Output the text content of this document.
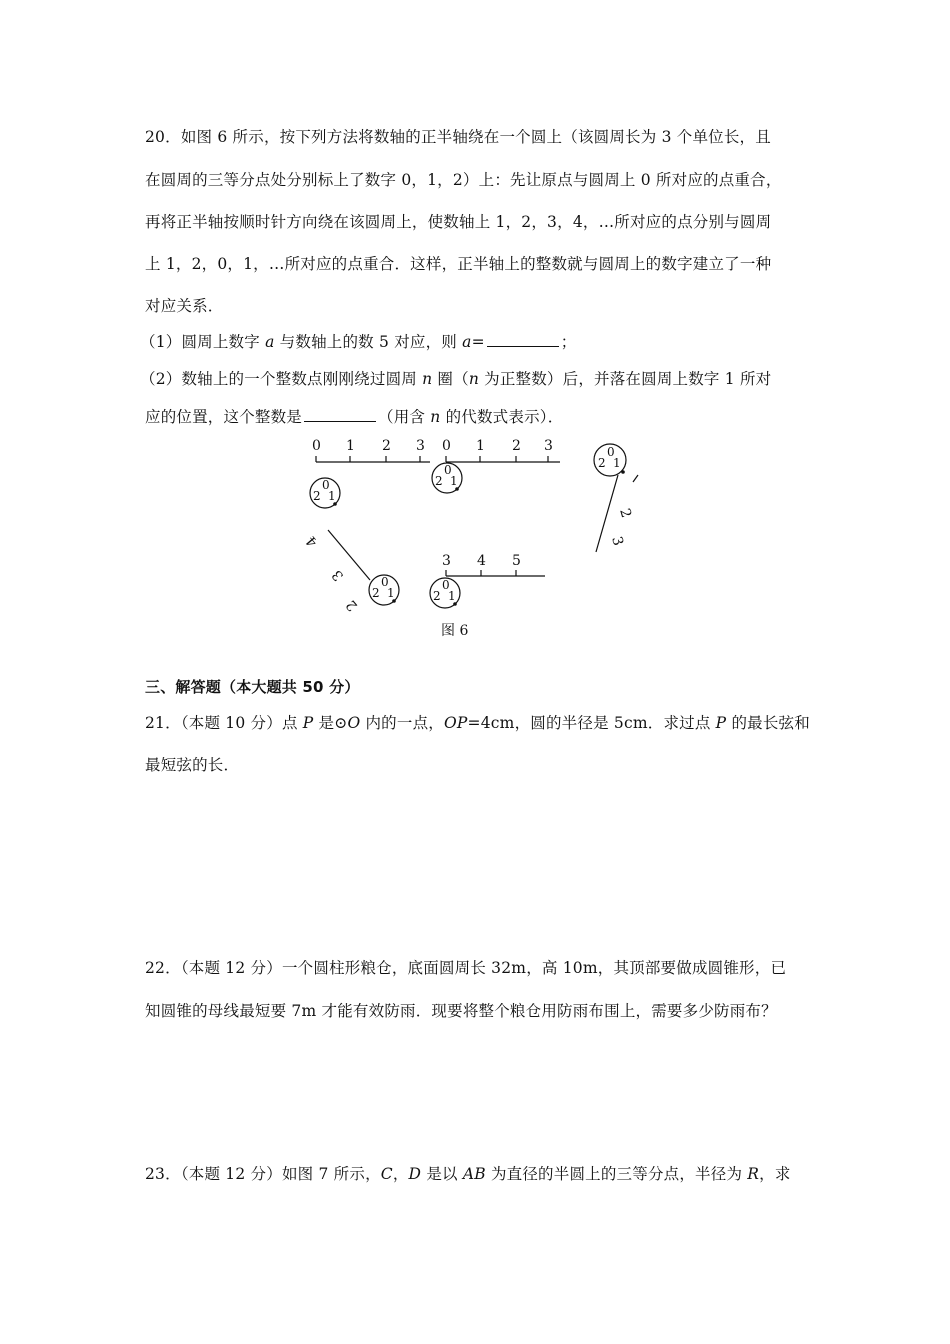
20．如图 6 所示，按下列方法将数轴的正半轴绕在一个圆上（该圆周长为 3 个单位长，且
在圆周的三等分点处分别标上了数字 0，1，2）上：先让原点与圆周上 0 所对应的点重合，
再将正半轴按顺时针方向绕在该圆周上，使数轴上 1，2，3，4，…所对应的点分别与圆周
上 1，2，0，1，…所对应的点重合．这样，正半轴上的整数就与圆周上的数字建立了一种
对应关系．
（1）圆周上数字 a 与数轴上的数 5 对应，则 a=	；
（2）数轴上的一个整数点刚刚绕过圆周 n 圈（n 为正整数）后，并落在圆周上数字 1 所对
应的位置，这个整数是	（用含 n 的代数式表示）．
0 1 2 3 0 1 2 3
0
1
2
0
1
2
0
1
2
0
1
2
0
1
2
2
3
4
3
2
3 4 5
图 6
三、解答题（本大题共 50 分）
21．（本题 10 分）点 P 是⊙O 内的一点，OP=4cm，圆的半径是 5cm．求过点 P 的最长弦和
最短弦的长．
22．（本题 12 分）一个圆柱形粮仓，底面圆周长 32m，高 10m，其顶部要做成圆锥形，已
知圆锥的母线最短要 7m 才能有效防雨．现要将整个粮仓用防雨布围上，需要多少防雨布？
23．（本题 12 分）如图 7 所示，C，D 是以 AB 为直径的半圆上的三等分点，半径为 R，求
